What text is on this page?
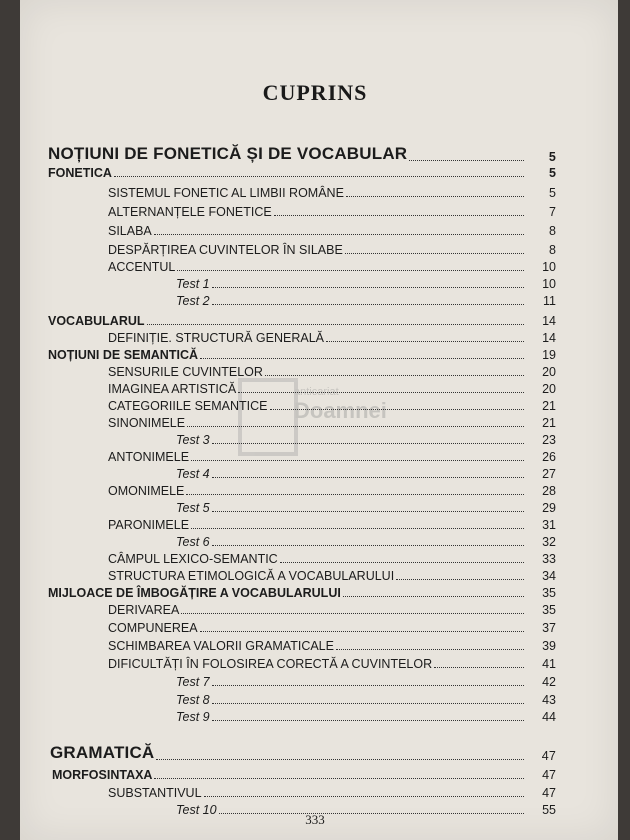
CUPRINS
anticariat
Doamnei
NOȚIUNI DE FONETICĂ ȘI DE VOCABULAR	5
FONETICA	5
SISTEMUL FONETIC AL LIMBII ROMÂNE	5
ALTERNANȚELE FONETICE	7
SILABA	8
DESPĂRȚIREA CUVINTELOR ÎN SILABE	8
ACCENTUL	10
Test 1	10
Test 2	11
VOCABULARUL	14
DEFINIȚIE. STRUCTURĂ GENERALĂ	14
NOȚIUNI DE SEMANTICĂ	19
SENSURILE CUVINTELOR	20
IMAGINEA ARTISTICĂ	20
CATEGORIILE SEMANTICE	21
SINONIMELE	21
Test 3	23
ANTONIMELE	26
Test 4	27
OMONIMELE	28
Test 5	29
PARONIMELE	31
Test 6	32
CÂMPUL LEXICO-SEMANTIC	33
STRUCTURA ETIMOLOGICĂ A VOCABULARULUI	34
MIJLOACE DE ÎMBOGĂȚIRE A VOCABULARULUI	35
DERIVAREA	35
COMPUNEREA	37
SCHIMBAREA VALORII GRAMATICALE	39
DIFICULTĂȚI ÎN FOLOSIREA CORECTĂ A CUVINTELOR	41
Test 7	42
Test 8	43
Test 9	44
GRAMATICĂ	47
MORFOSINTAXA	47
SUBSTANTIVUL	47
Test 10	55
333
